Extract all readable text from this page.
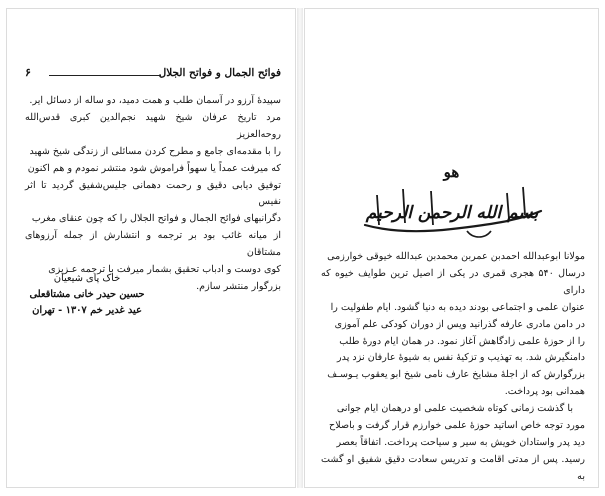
فوائح الجمال و فواتح الجلال
۶

سپیدهٔ آرزو در آسمان طلب و همت دمید، دو ساله از دسائل ایر.

مرد تاریخ عرفان شیخ شهید نجم‌الدین کبری قدس‌الله روحه‌العزیز

را با مقدمه‌ای جامع و مطرح کردن مسائلی از زندگی شیخ شهید

که میرفت عمداً یا سهواً فراموش شود منتشر نمودم و هم اکنون

توفیق دیابی دقیق و رحمت دهمانی جلیس‌شفیق گردید تا اثر نفیس

دگرانبهای فوائح الجمال و فواتح الجلال را که چون عنقای مغرب

از میانه غائب بود بر ترجمه و انتشارش از جمله آرزوهای مشتاقان

کوی دوست و ادباب تحقیق بشمار میرفت با ترجمه عـزیزی

بزرگوار منتشر سازم.

خاک پای شیعیان
حسین حیدر خانی مشتاقعلی
عید غدیر خم ۱۳۰۷ - تهران
هو
بسم الله الرحمن الرحیم

مولانا ابوعبدالله احمدبن عمربن محمدبن عبدالله خیوقی خوارزمی

درسال ۵۴۰ هجری قمری در یکی از اصیل ترین طوایف خیوه که دارای

عنوان علمی و اجتماعی بودند دیده به دنیا گشود. ایام طفولیت را

در دامن مادری عارفه گذرانید ویس از دوران کودکی علم آموزی

را از حوزهٔ علمی زادگاهش آغاز نمود. در همان ایام دورهٔ طلب

دامنگیرش شد. به تهذیب و تزکیهٔ نفس به شیوهٔ عارفان نزد پدر

بزرگوارش که از اجلهٔ مشایخ عارف نامی شیخ ابو یعقوب یـوسـف

همدانی بود پرداخت.

با گذشت زمانی کوتاه شخصیت علمی او درهمان ایام جوانی

مورد توجه خاص اساتید حوزهٔ علمی خوارزم قرار گرفت و باصلاح

دید پدر واستادان خویش به سیر و سیاحت پرداخت. اتفاقاً بعصر

رسید. پس از مدتی اقامت و تدریس سعادت دقیق شفیق او گشت به
